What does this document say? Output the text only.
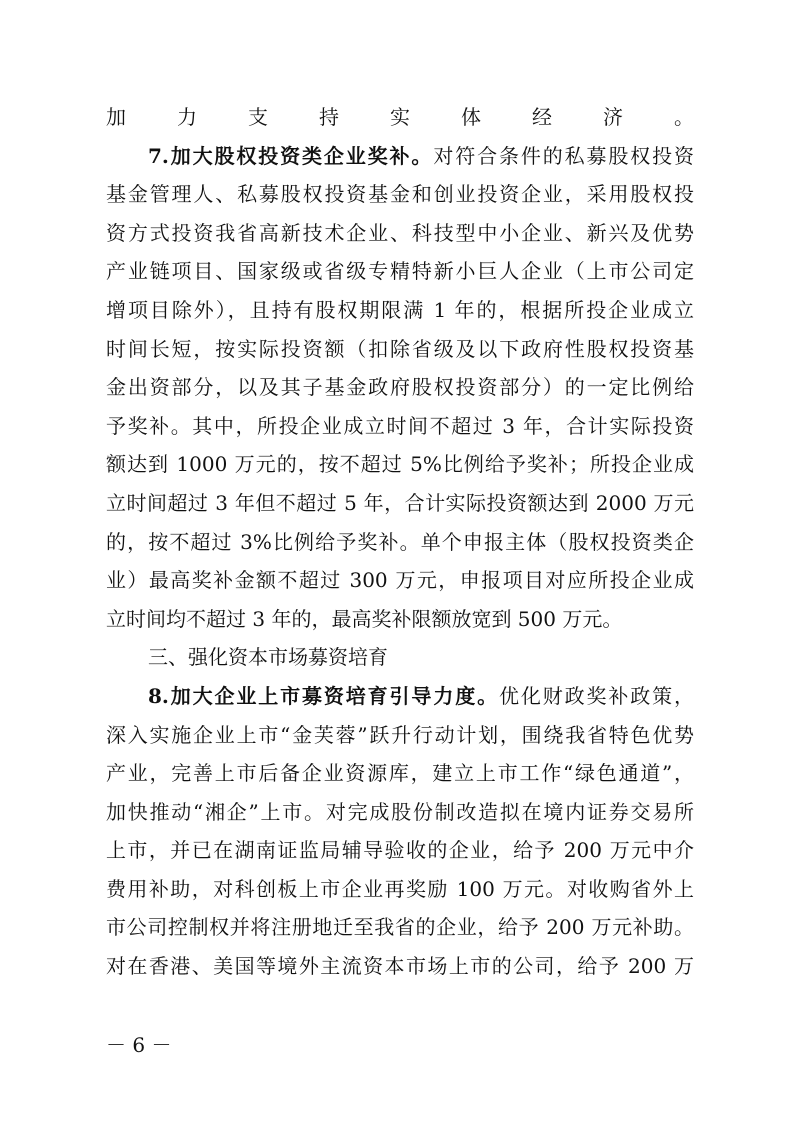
加力支持实体经济。
7.加大股权投资类企业奖补。对符合条件的私募股权投资
基金管理人、私募股权投资基金和创业投资企业，采用股权投
资方式投资我省高新技术企业、科技型中小企业、新兴及优势
产业链项目、国家级或省级专精特新小巨人企业（上市公司定
增项目除外），且持有股权期限满 1 年的，根据所投企业成立
时间长短，按实际投资额（扣除省级及以下政府性股权投资基
金出资部分，以及其子基金政府股权投资部分）的一定比例给
予奖补。其中，所投企业成立时间不超过 3 年，合计实际投资
额达到 1000 万元的，按不超过 5%比例给予奖补；所投企业成
立时间超过 3 年但不超过 5 年，合计实际投资额达到 2000 万元
的，按不超过 3%比例给予奖补。单个申报主体（股权投资类企
业）最高奖补金额不超过 300 万元，申报项目对应所投企业成
立时间均不超过 3 年的，最高奖补限额放宽到 500 万元。
三、强化资本市场募资培育
8.加大企业上市募资培育引导力度。优化财政奖补政策，
深入实施企业上市“金芙蓉”跃升行动计划，围绕我省特色优势
产业，完善上市后备企业资源库，建立上市工作“绿色通道”，
加快推动“湘企”上市。对完成股份制改造拟在境内证券交易所
上市，并已在湖南证监局辅导验收的企业，给予 200 万元中介
费用补助，对科创板上市企业再奖励 100 万元。对收购省外上
市公司控制权并将注册地迁至我省的企业，给予 200 万元补助。
对在香港、美国等境外主流资本市场上市的公司，给予 200 万
－ 6 －
